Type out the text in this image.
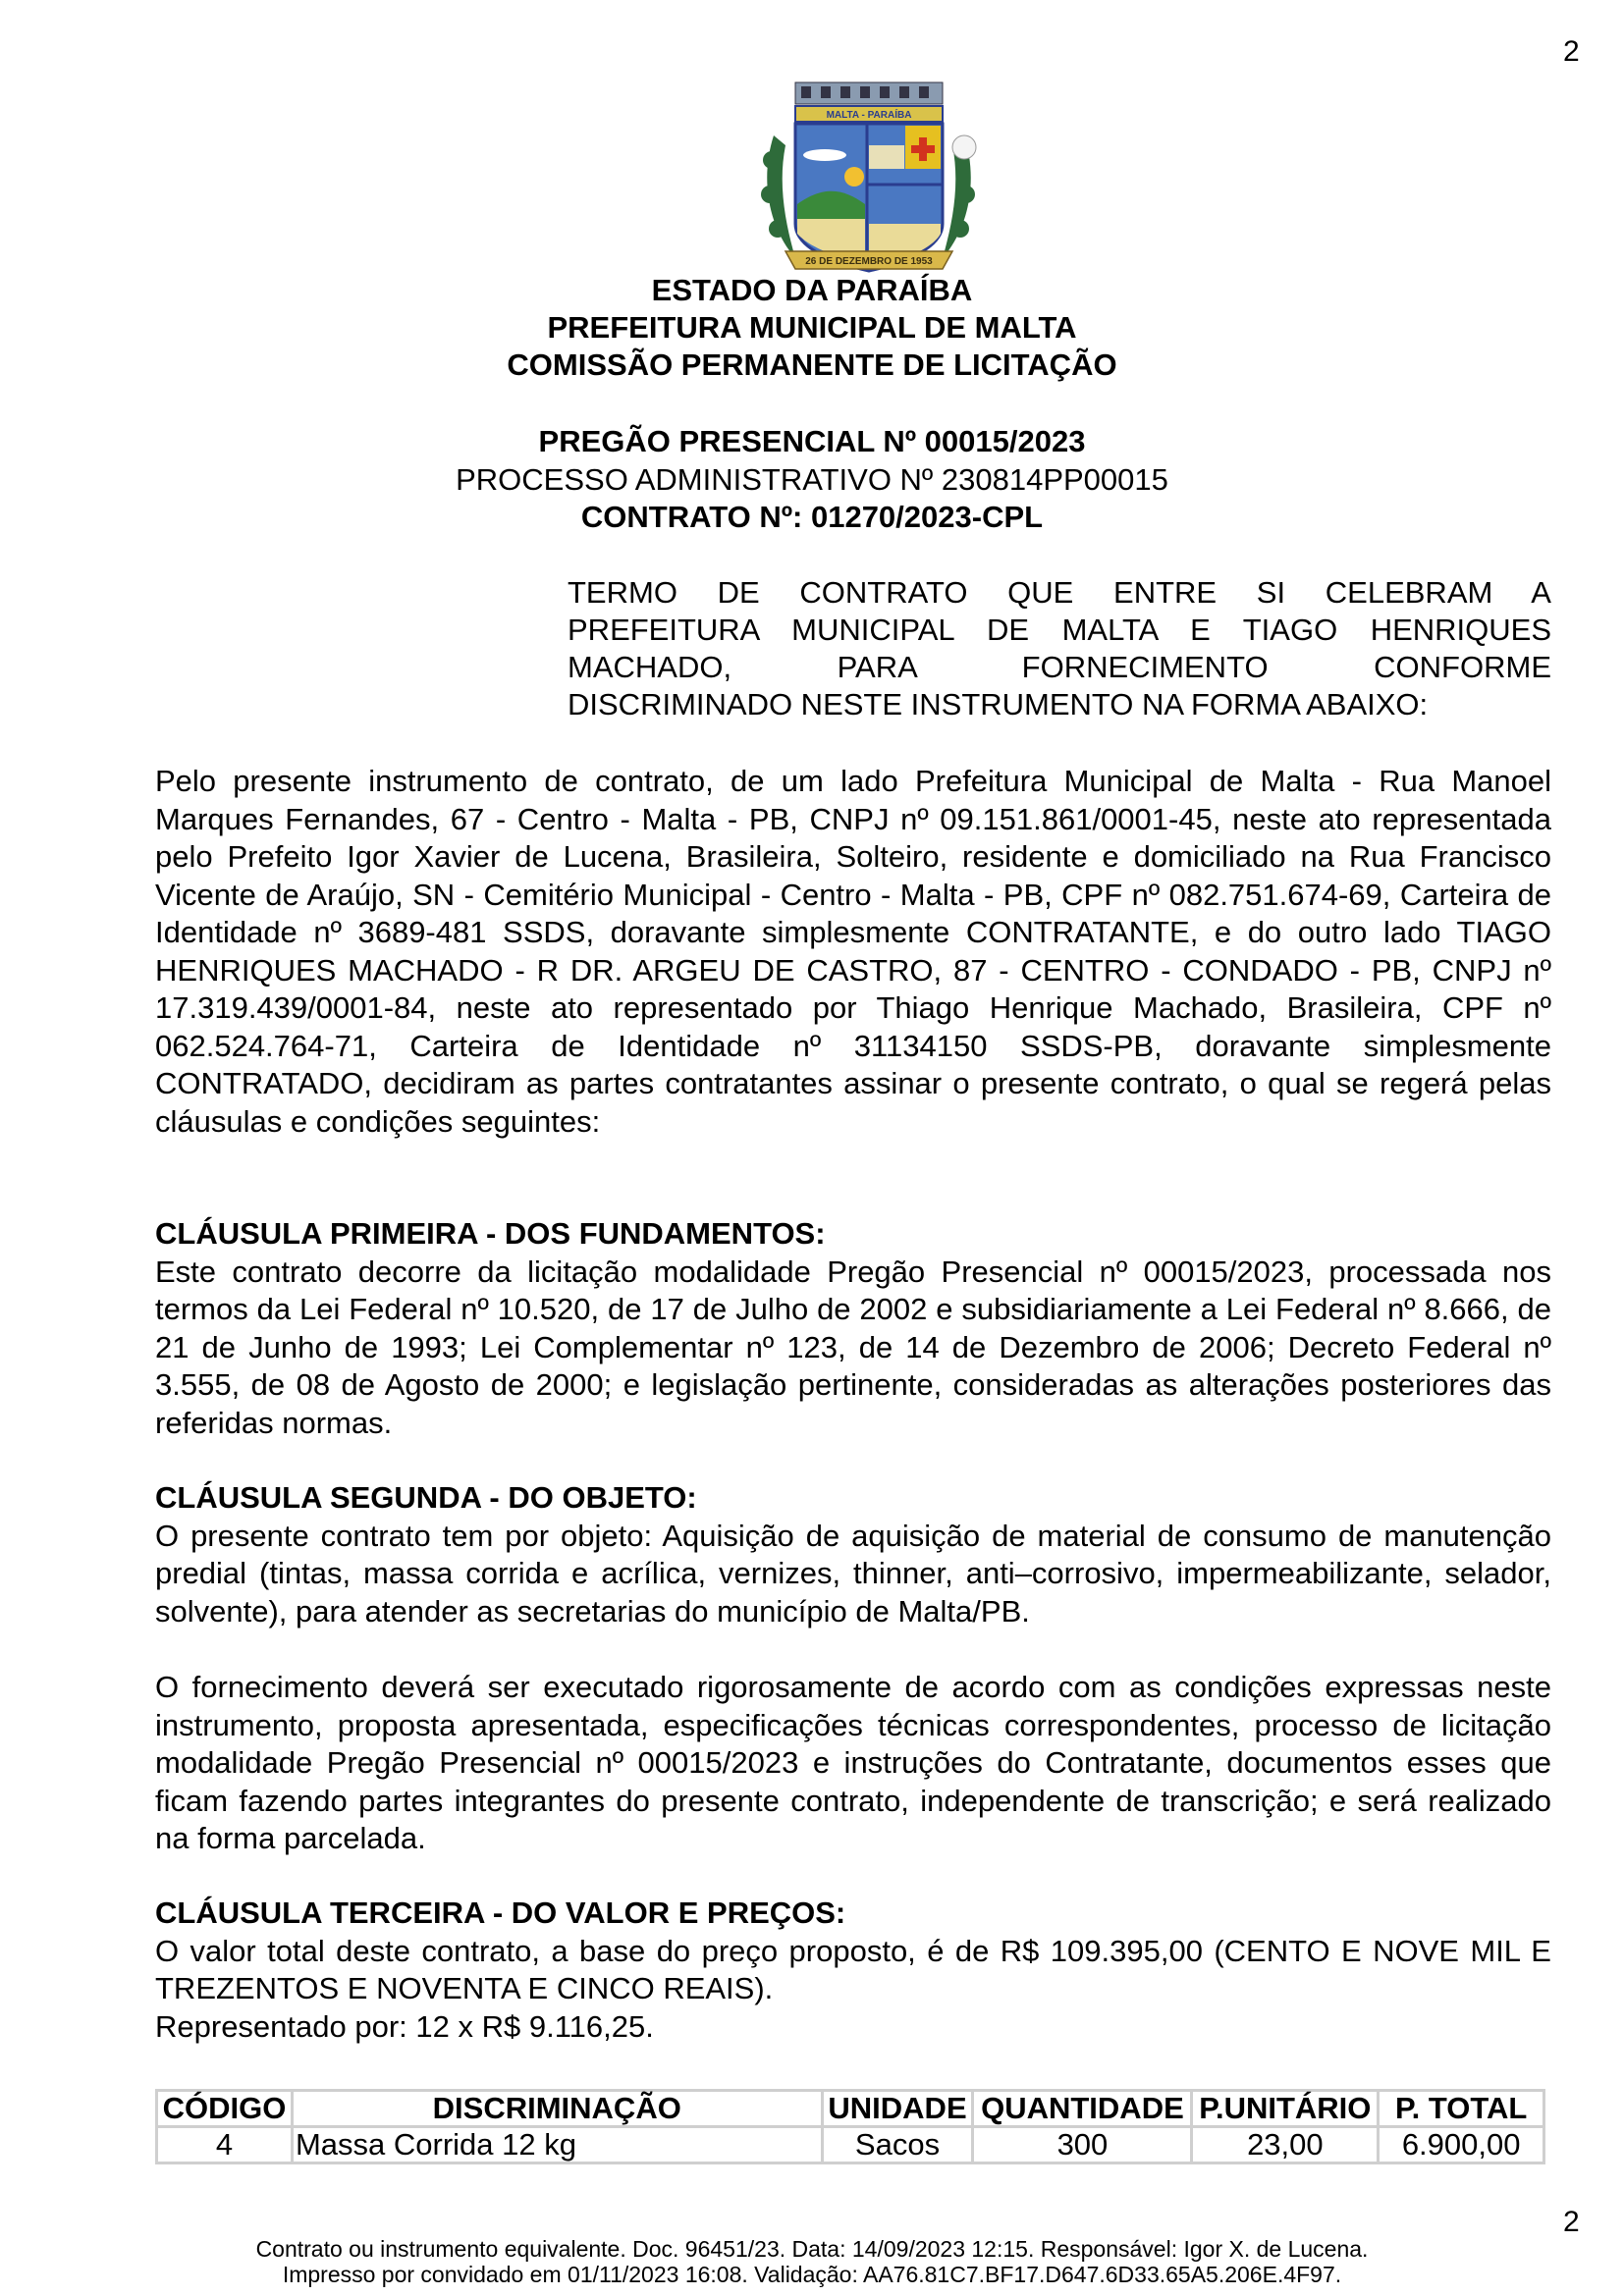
2
MALTA - PARAÍBA
26 DE DEZEMBRO DE 1953
ESTADO DA PARAÍBA
PREFEITURA MUNICIPAL DE MALTA
COMISSÃO PERMANENTE DE LICITAÇÃO
PREGÃO PRESENCIAL Nº 00015/2023
PROCESSO ADMINISTRATIVO Nº 230814PP00015
CONTRATO Nº: 01270/2023-CPL
TERMO DE CONTRATO QUE ENTRE SI CELEBRAM A
PREFEITURA MUNICIPAL DE MALTA E TIAGO HENRIQUES
MACHADO, PARA FORNECIMENTO CONFORME
DISCRIMINADO NESTE INSTRUMENTO NA FORMA ABAIXO:

Pelo presente instrumento de contrato, de um lado Prefeitura Municipal de Malta - Rua Manoel Marques Fernandes, 67 - Centro - Malta - PB, CNPJ nº 09.151.861/0001-45, neste ato representada pelo Prefeito Igor Xavier de Lucena, Brasileira, Solteiro, residente e domiciliado na Rua Francisco Vicente de Araújo, SN - Cemitério Municipal - Centro - Malta - PB, CPF nº 082.751.674-69, Carteira de Identidade nº 3689-481 SSDS, doravante simplesmente CONTRATANTE, e do outro lado TIAGO HENRIQUES MACHADO - R DR. ARGEU DE CASTRO, 87 - CENTRO - CONDADO - PB, CNPJ nº 17.319.439/0001-84, neste ato representado por Thiago Henrique Machado, Brasileira, CPF nº 062.524.764-71, Carteira de Identidade nº 31134150 SSDS-PB, doravante simplesmente CONTRATADO, decidiram as partes contratantes assinar o presente contrato, o qual se regerá pelas cláusulas e condições seguintes:

CLÁUSULA PRIMEIRA - DOS FUNDAMENTOS:

Este contrato decorre da licitação modalidade Pregão Presencial nº 00015/2023, processada nos termos da Lei Federal nº 10.520, de 17 de Julho de 2002 e subsidiariamente a Lei Federal nº 8.666, de 21 de Junho de 1993; Lei Complementar nº 123, de 14 de Dezembro de 2006; Decreto Federal nº 3.555, de 08 de Agosto de 2000; e legislação pertinente, consideradas as alterações posteriores das referidas normas.

CLÁUSULA SEGUNDA - DO OBJETO:

O presente contrato tem por objeto: Aquisição de aquisição de material de consumo de manutenção predial (tintas, massa corrida e acrílica, vernizes, thinner, anti–corrosivo, impermeabilizante, selador, solvente), para atender as secretarias do município de Malta/PB.

O fornecimento deverá ser executado rigorosamente de acordo com as condições expressas neste instrumento, proposta apresentada, especificações técnicas correspondentes, processo de licitação modalidade Pregão Presencial nº 00015/2023 e instruções do Contratante, documentos esses que ficam fazendo partes integrantes do presente contrato, independente de transcrição; e será realizado na forma parcelada.

CLÁUSULA TERCEIRA - DO VALOR E PREÇOS:

O valor total deste contrato, a base do preço proposto, é de R$ 109.395,00 (CENTO E NOVE MIL E TREZENTOS E NOVENTA E CINCO REAIS).

Representado por: 12 x R$ 9.116,25.

CÓDIGO	DISCRIMINAÇÃO	UNIDADE	QUANTIDADE	P.UNITÁRIO	P. TOTAL
4	Massa Corrida 12 kg	Sacos	300	23,00	6.900,00
2
Contrato ou instrumento equivalente. Doc. 96451/23. Data: 14/09/2023 12:15. Responsável: Igor X. de Lucena.
Impresso por convidado em 01/11/2023 16:08. Validação: AA76.81C7.BF17.D647.6D33.65A5.206E.4F97.
